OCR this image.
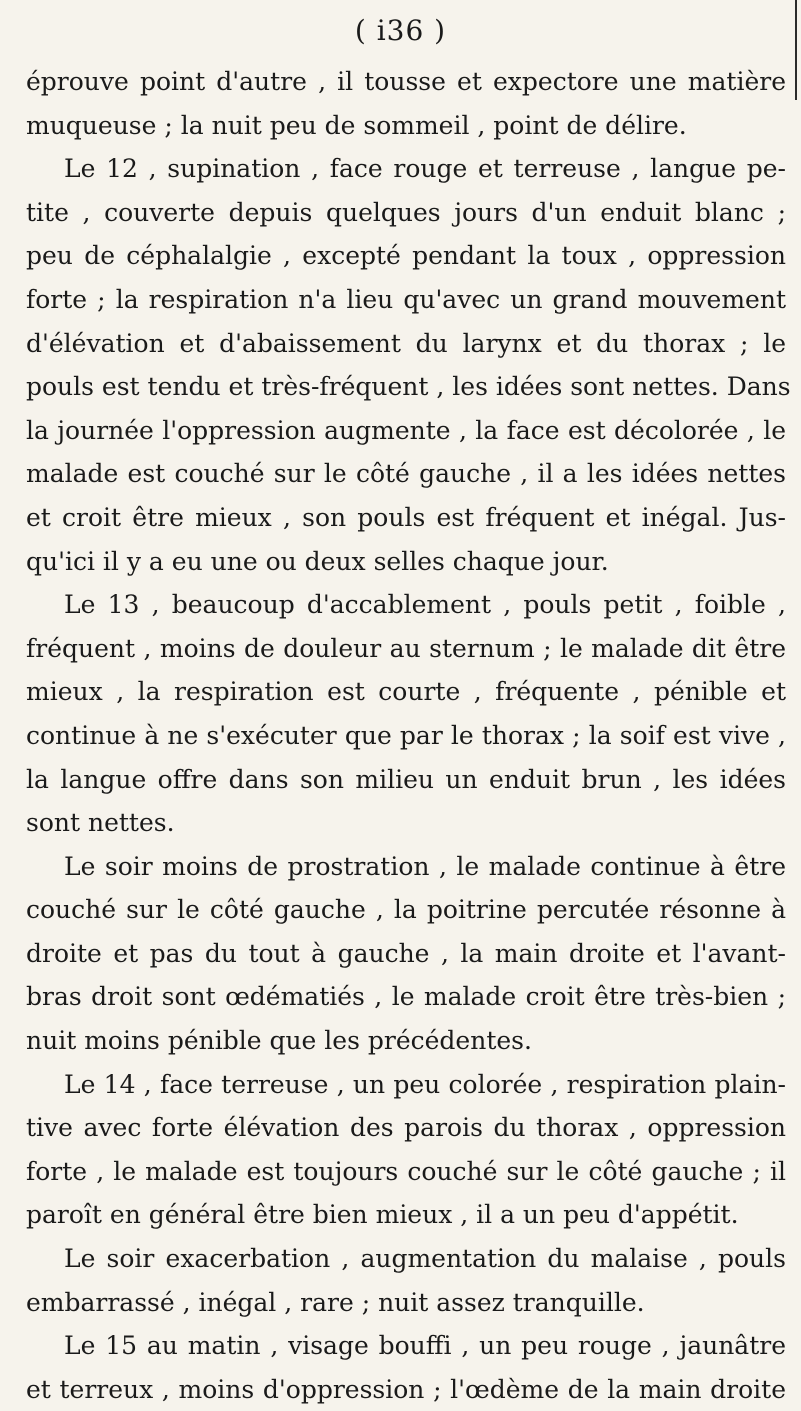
( i36 )
éprouve point d'autre , il tousse et expectore une matière
muqueuse ; la nuit peu de sommeil , point de délire.
Le 12 , supination , face rouge et terreuse , langue pe-
tite , couverte depuis quelques jours d'un enduit blanc ;
peu de céphalalgie , excepté pendant la toux , oppression
forte ; la respiration n'a lieu qu'avec un grand mouvement
d'élévation et d'abaissement du larynx et du thorax ; le
pouls est tendu et très-fréquent , les idées sont nettes. Dans
la journée l'oppression augmente , la face est décolorée , le
malade est couché sur le côté gauche , il a les idées nettes
et croit être mieux , son pouls est fréquent et inégal. Jus-
qu'ici il y a eu une ou deux selles chaque jour.
Le 13 , beaucoup d'accablement , pouls petit , foible ,
fréquent , moins de douleur au sternum ; le malade dit être
mieux , la respiration est courte , fréquente , pénible et
continue à ne s'exécuter que par le thorax ; la soif est vive ,
la langue offre dans son milieu un enduit brun , les idées
sont nettes.
Le soir moins de prostration , le malade continue à être
couché sur le côté gauche , la poitrine percutée résonne à
droite et pas du tout à gauche , la main droite et l'avant-
bras droit sont œdématiés , le malade croit être très-bien ;
nuit moins pénible que les précédentes.
Le 14 , face terreuse , un peu colorée , respiration plain-
tive avec forte élévation des parois du thorax , oppression
forte , le malade est toujours couché sur le côté gauche ; il
paroît en général être bien mieux , il a un peu d'appétit.
Le soir exacerbation , augmentation du malaise , pouls
embarrassé , inégal , rare ; nuit assez tranquille.
Le 15 au matin , visage bouffi , un peu rouge , jaunâtre
et terreux , moins d'oppression ; l'œdème de la main droite
